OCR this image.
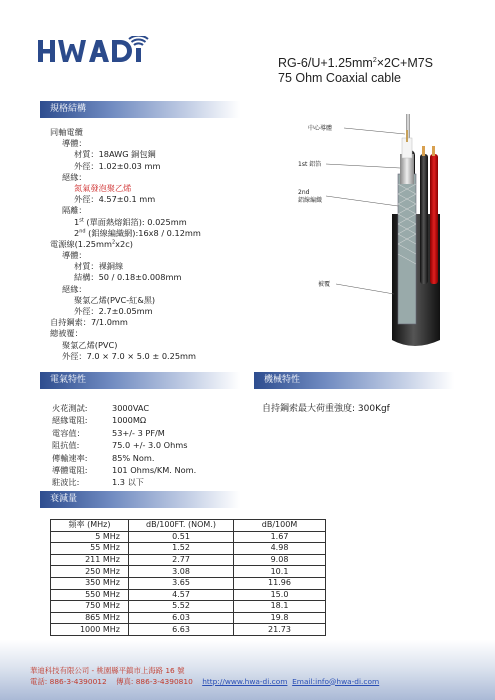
$RG-6/U+1.25mm^2\times 2C+M7S$
75 Ohm Coaxial cable
規格結構
電氣特性	機械特性
衰減量
同軸電纜
導體：
材質：18AWG 銅包鋼
外徑：1.02±0.03 mm
絕緣：
氮氣發泡聚乙烯
外徑：4.57±0.1 mm
隔離：
1st (單面熱熔鋁箔): 0.025mm
2nd (鋁線編織網):16x8 / 0.12mm
電源線$(1.25mm^2x2c)$
導體：
材質：裸銅線
結構：50 / 0.18±0.008mm
絕緣：
聚氯乙烯(PVC-紅&黑)
外徑：2.7±0.05mm
自持鋼索：7/1.0mm
總被覆：
聚氯乙烯(PVC)
外徑：7.0 × 7.0 × 5.0 ± 0.25mm
中心導體
1st 鋁箔
2nd
鋁線編織
被覆
火花測試:	3000VAC
絕緣電阻:	1000MΩ
電容值：	53+/- 3 PF/M
阻抗值:	75.0 +/- 3.0 Ohms
傳輸速率:	85% Nom.
導體電阻:	101 Ohms/KM. Nom.
駐波比:	1.3 以下
自持鋼索最大荷重強度: 300Kgf
頻率 (MHz)	dB/100FT. (NOM.)	dB/100M
5 MHz	0.51	1.67
55 MHz	1.52	4.98
211 MHz	2.77	9.08
250 MHz	3.08	10.1
350 MHz	3.65	11.96
550 MHz	4.57	15.0
750 MHz	5.52	18.1
865 MHz	6.03	19.8
1000 MHz	6.63	21.73
華迪科技有限公司 - 桃園縣平鎮市上海路 16 號
電話: 886-3-4390012 傳真: 886-3-4390810 http://www.hwa-di.com Email:info@hwa-di.com
